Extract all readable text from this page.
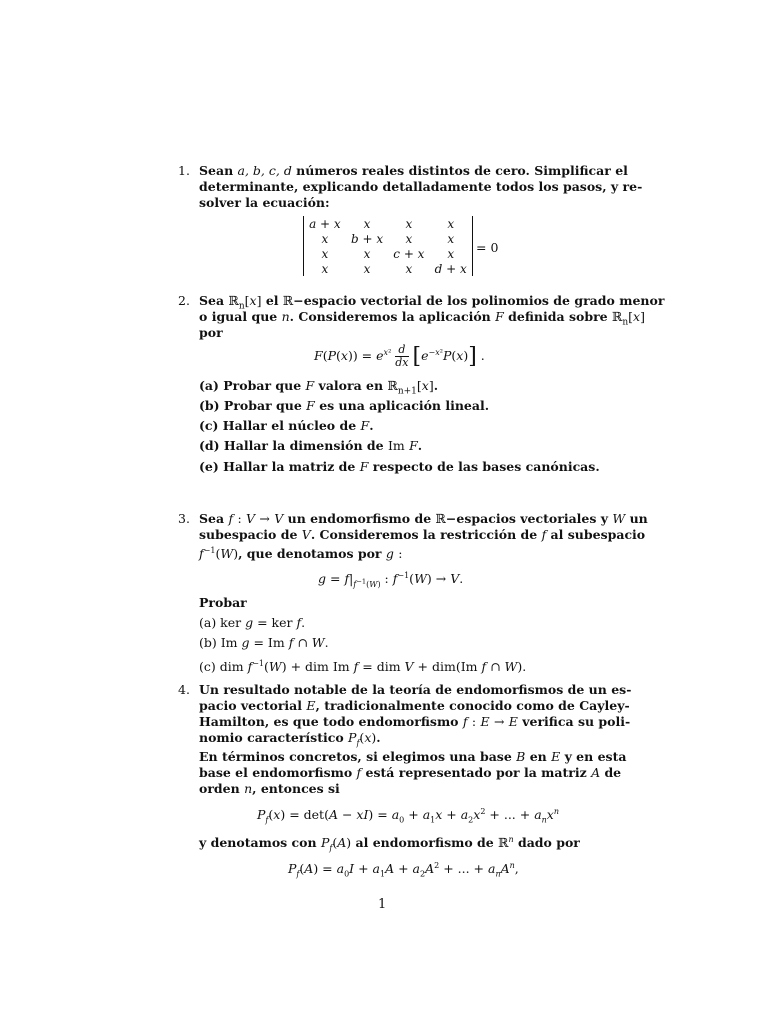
1. Sean a, b, c, d números reales distintos de cero. Simplificar el
determinante, explicando detalladamente todos los pasos, y re-
solver la ecuación:
a + x	x	x	x
x	b + x	x	x
x	x	c + x	x
x	x	x	d + x
= 0
2. Sea ℝ$_n$[x] el ℝ−espacio vectorial de los polinomios de grado menor
o igual que n. Consideremos la aplicación F definida sobre ℝ$_n$[x]
por
$F(P(x)) = e^{x^2} \frac{d}{dx} [e^{-x^2}P(x)]$ .
(a) Probar que F valora en ℝ$_{n+1}$[x].
(b) Probar que F es una aplicación lineal.
(c) Hallar el núcleo de F.
(d) Hallar la dimensión de Im F.
(e) Hallar la matriz de F respecto de las bases canónicas.
3. Sea f : V → V un endomorfismo de ℝ−espacios vectoriales y W un
subespacio de V. Consideremos la restricción de f al subespacio
$f^{-1}(W)$, que denotamos por g :
$g = f|_{f^{-1}(W)}$ : $f^{-1}(W) \to V$.
Probar
(a) ker g = ker f.
(b) Im g = Im f ∩ W.
(c) dim $f^{-1}(W)$ + dim Im f = dim V + dim(Im f ∩ W).
4. Un resultado notable de la teoría de endomorfismos de un es-
pacio vectorial E, tradicionalmente conocido como de Cayley-
Hamilton, es que todo endomorfismo f : E → E verifica su poli-
nomio característico $P_f(x)$.
En términos concretos, si elegimos una base B en E y en esta
base el endomorfismo f está representado por la matriz A de
orden n, entonces si
$P_f(x) = \det(A - xI) = a_0 + a_1x + a_2x^2$ + ... + $a_nx^n$
y denotamos con $P_f(A)$ al endomorfismo de ℝ$^n$ dado por
$P_f(A) = a_0I + a_1A + a_2A^2$ + ... + $a_nA^n$,
1
